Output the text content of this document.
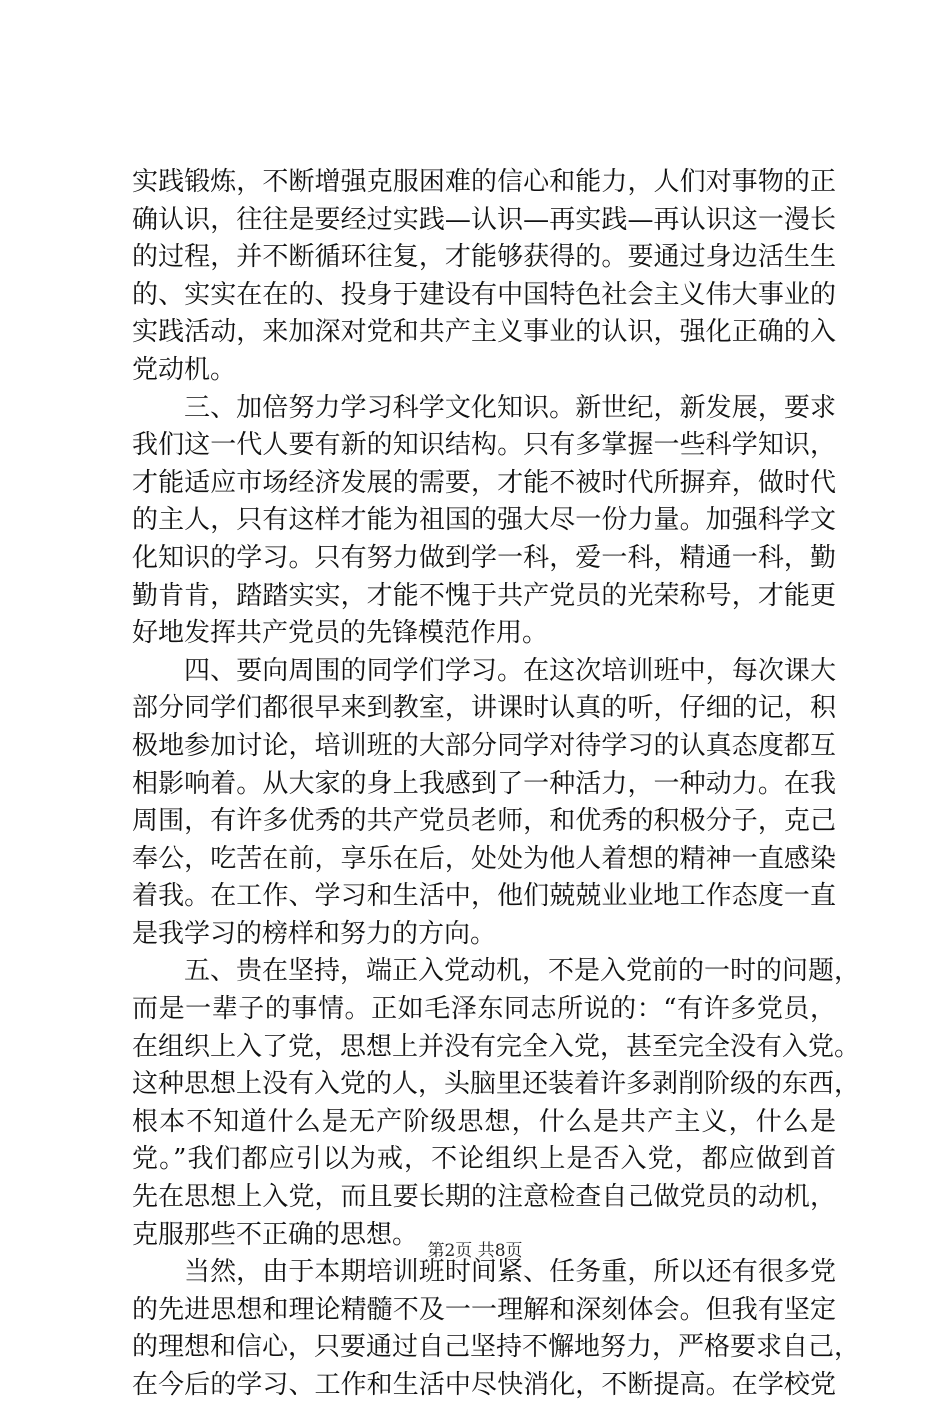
实践锻炼，不断增强克服困难的信心和能力，人们对事物的正
确认识，往往是要经过实践—认识—再实践—再认识这一漫长
的过程，并不断循环往复，才能够获得的。要通过身边活生生
的、实实在在的、投身于建设有中国特色社会主义伟大事业的
实践活动，来加深对党和共产主义事业的认识，强化正确的入
党动机。
三、加倍努力学习科学文化知识。新世纪，新发展，要求
我们这一代人要有新的知识结构。只有多掌握一些科学知识，
才能适应市场经济发展的需要，才能不被时代所摒弃，做时代
的主人，只有这样才能为祖国的强大尽一份力量。加强科学文
化知识的学习。只有努力做到学一科，爱一科，精通一科，勤
勤肯肯，踏踏实实，才能不愧于共产党员的光荣称号，才能更
好地发挥共产党员的先锋模范作用。
四、要向周围的同学们学习。在这次培训班中，每次课大
部分同学们都很早来到教室，讲课时认真的听，仔细的记，积
极地参加讨论，培训班的大部分同学对待学习的认真态度都互
相影响着。从大家的身上我感到了一种活力，一种动力。在我
周围，有许多优秀的共产党员老师，和优秀的积极分子，克己
奉公，吃苦在前，享乐在后，处处为他人着想的精神一直感染
着我。在工作、学习和生活中，他们兢兢业业地工作态度一直
是我学习的榜样和努力的方向。
五、贵在坚持，端正入党动机，不是入党前的一时的问题，
而是一辈子的事情。正如毛泽东同志所说的：“有许多党员，
在组织上入了党，思想上并没有完全入党，甚至完全没有入党。
这种思想上没有入党的人，头脑里还装着许多剥削阶级的东西，
根本不知道什么是无产阶级思想，什么是共产主义，什么是
党。”我们都应引以为戒，不论组织上是否入党，都应做到首
先在思想上入党，而且要长期的注意检查自己做党员的动机，
克服那些不正确的思想。
当然，由于本期培训班时间紧、任务重，所以还有很多党
的先进思想和理论精髓不及一一理解和深刻体会。但我有坚定
的理想和信心，只要通过自己坚持不懈地努力，严格要求自己，
在今后的学习、工作和生活中尽快消化，不断提高。在学校党
第2页 共8页
